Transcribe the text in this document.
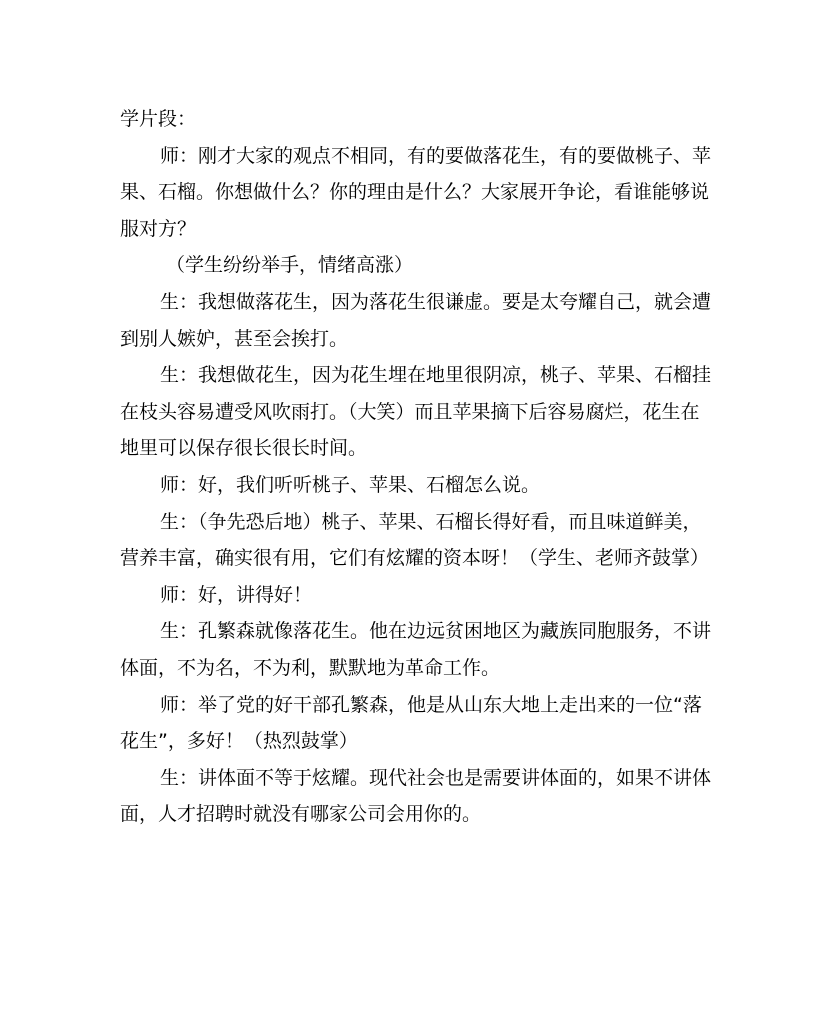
学片段：
师：刚才大家的观点不相同，有的要做落花生，有的要做桃子、苹
果、石榴。你想做什么？你的理由是什么？大家展开争论，看谁能够说
服对方？
（学生纷纷举手，情绪高涨）
生：我想做落花生，因为落花生很谦虚。要是太夸耀自己，就会遭
到别人嫉妒，甚至会挨打。
生：我想做花生，因为花生埋在地里很阴凉，桃子、苹果、石榴挂
在枝头容易遭受风吹雨打。（大笑）而且苹果摘下后容易腐烂，花生在
地里可以保存很长很长时间。
师：好，我们听听桃子、苹果、石榴怎么说。
生：（争先恐后地）桃子、苹果、石榴长得好看，而且味道鲜美，
营养丰富，确实很有用，它们有炫耀的资本呀！（学生、老师齐鼓掌）
师：好，讲得好！
生：孔繁森就像落花生。他在边远贫困地区为藏族同胞服务，不讲
体面，不为名，不为利，默默地为革命工作。
师：举了党的好干部孔繁森，他是从山东大地上走出来的一位“落
花生”，多好！（热烈鼓掌）
生：讲体面不等于炫耀。现代社会也是需要讲体面的，如果不讲体
面，人才招聘时就没有哪家公司会用你的。
